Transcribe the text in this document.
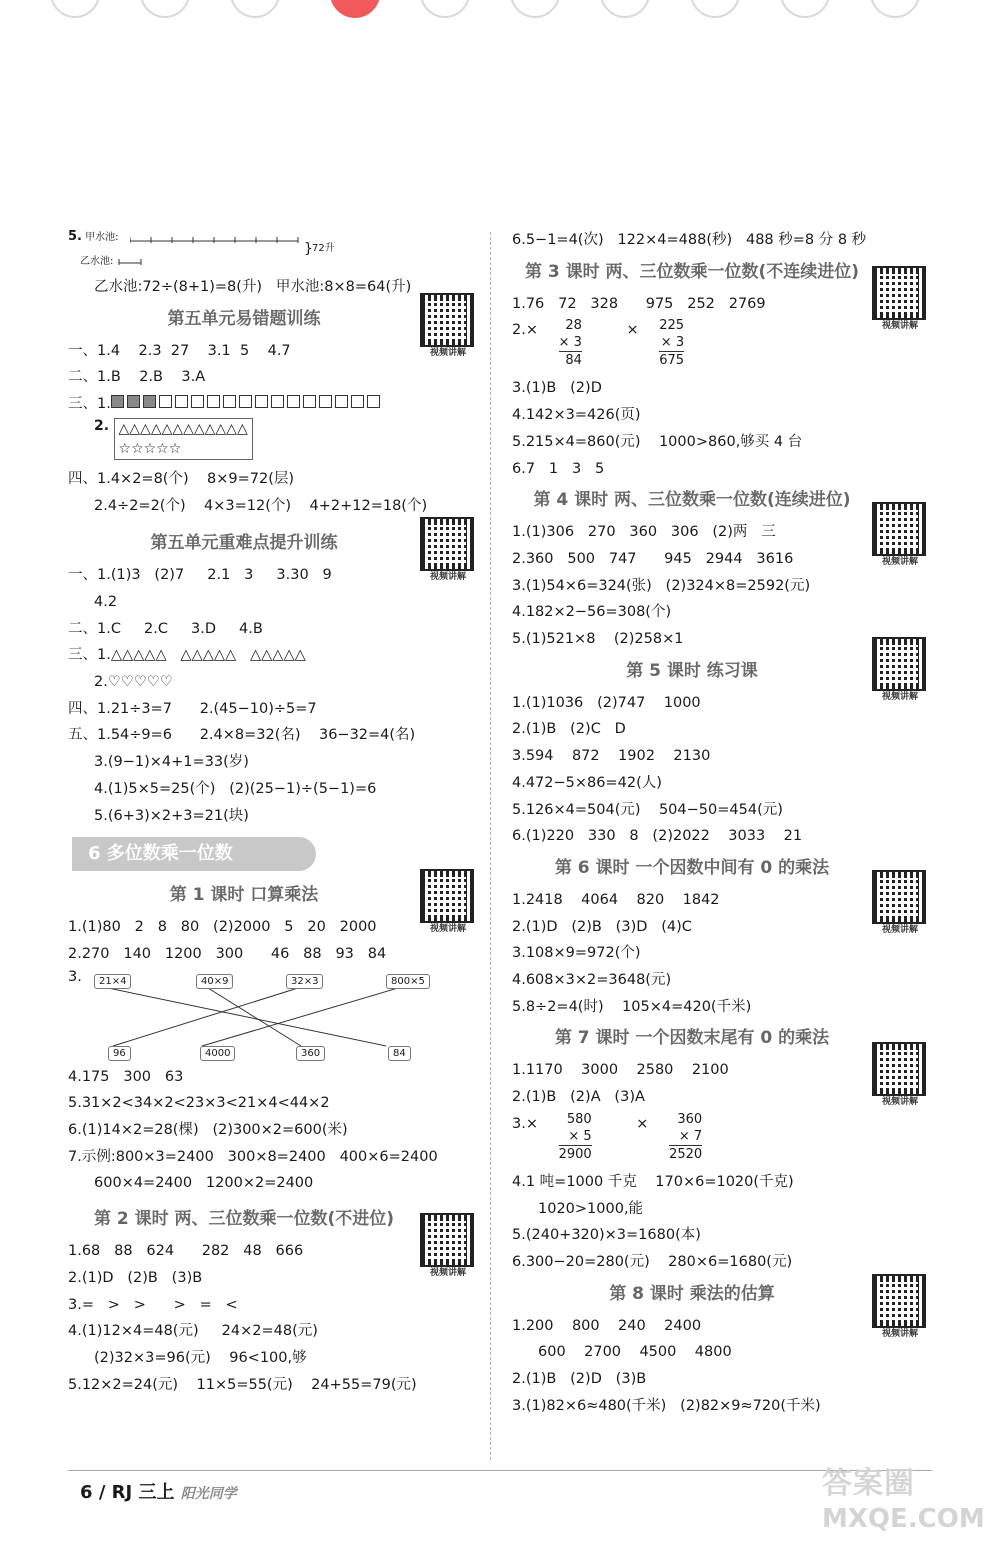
5. 甲水池:
} 72升
乙水池:
乙水池:72÷(8+1)=8(升)   甲水池:8×8=64(升)
第五单元易错题训练
视频讲解
一、1.4    2.3  27    3.1  5    4.7
二、1.B    2.B    3.A
三、1.
2. △△△△△△△△△△△△
☆☆☆☆☆
四、1.4×2=8(个)    8×9=72(层)
2.4÷2=2(个)    4×3=12(个)    4+2+12=18(个)
第五单元重难点提升训练
视频讲解
一、1.(1)3   (2)7     2.1   3     3.30   9
4.2
二、1.C     2.C     3.D     4.B
三、1.△△△△△   △△△△△   △△△△△
2.♡♡♡♡♡
四、1.21÷3=7      2.(45−10)÷5=7
五、1.54÷9=6      2.4×8=32(名)    36−32=4(名)
3.(9−1)×4+1=33(岁)
4.(1)5×5=25(个)   (2)(25−1)÷(5−1)=6
5.(6+3)×2+3=21(块)
6 多位数乘一位数
第 1 课时 口算乘法
视频讲解
1.(1)80   2   8   80   (2)2000   5   20   2000
2.270   140   1200   300      46   88   93   84
3.	21×4	40×9	32×3	800×5
96	4000	360	84
4.175   300   63
5.31×2<34×2<23×3<21×4<44×2
6.(1)14×2=28(棵)   (2)300×2=600(米)
7.示例:800×3=2400   300×8=2400   400×6=2400
600×4=2400   1200×2=2400
第 2 课时 两、三位数乘一位数(不进位)
视频讲解
1.68   88   624      282   48   666
2.(1)D   (2)B   (3)B
3.=   >   >      >   =   <
4.(1)12×4=48(元)     24×2=48(元)
(2)32×3=96(元)    96<100,够
5.12×2=24(元)    11×5=55(元)    24+55=79(元)
6.5−1=4(次)   122×4=488(秒)   488 秒=8 分 8 秒
第 3 课时 两、三位数乘一位数(不连续进位)
视频讲解
1.76   72   328      975   252   2769
2.×	28
× 3
84
× 225
× 3
675
3.(1)B   (2)D
4.142×3=426(页)
5.215×4=860(元)    1000>860,够买 4 台
6.7   1   3   5
第 4 课时 两、三位数乘一位数(连续进位)
视频讲解
1.(1)306   270   360   306   (2)两   三
2.360   500   747      945   2944   3616
3.(1)54×6=324(张)   (2)324×8=2592(元)
4.182×2−56=308(个)
5.(1)521×8    (2)258×1
第 5 课时 练习课
视频讲解
1.(1)1036   (2)747    1000
2.(1)B   (2)C   D
3.594    872    1902    2130
4.472−5×86=42(人)
5.126×4=504(元)    504−50=454(元)
6.(1)220   330   8   (2)2022    3033    21
第 6 课时 一个因数中间有 0 的乘法
视频讲解
1.2418    4064    820    1842
2.(1)D   (2)B   (3)D   (4)C
3.108×9=972(个)
4.608×3×2=3648(元)
5.8÷2=4(时)    105×4=420(千米)
第 7 课时 一个因数末尾有 0 的乘法
视频讲解
1.1170    3000    2580    2100
2.(1)B   (2)A   (3)A
3.×	580
× 5
2900
×	360
× 7
2520
4.1 吨=1000 千克    170×6=1020(千克)
1020>1000,能
5.(240+320)×3=1680(本)
6.300−20=280(元)    280×6=1680(元)
第 8 课时 乘法的估算
视频讲解
1.200    800    240    2400
600    2700    4500    4800
2.(1)B   (2)D   (3)B
3.(1)82×6≈480(千米)   (2)82×9≈720(千米)
6 / RJ 三上 阳光同学	答案圈
MXQE.COM
